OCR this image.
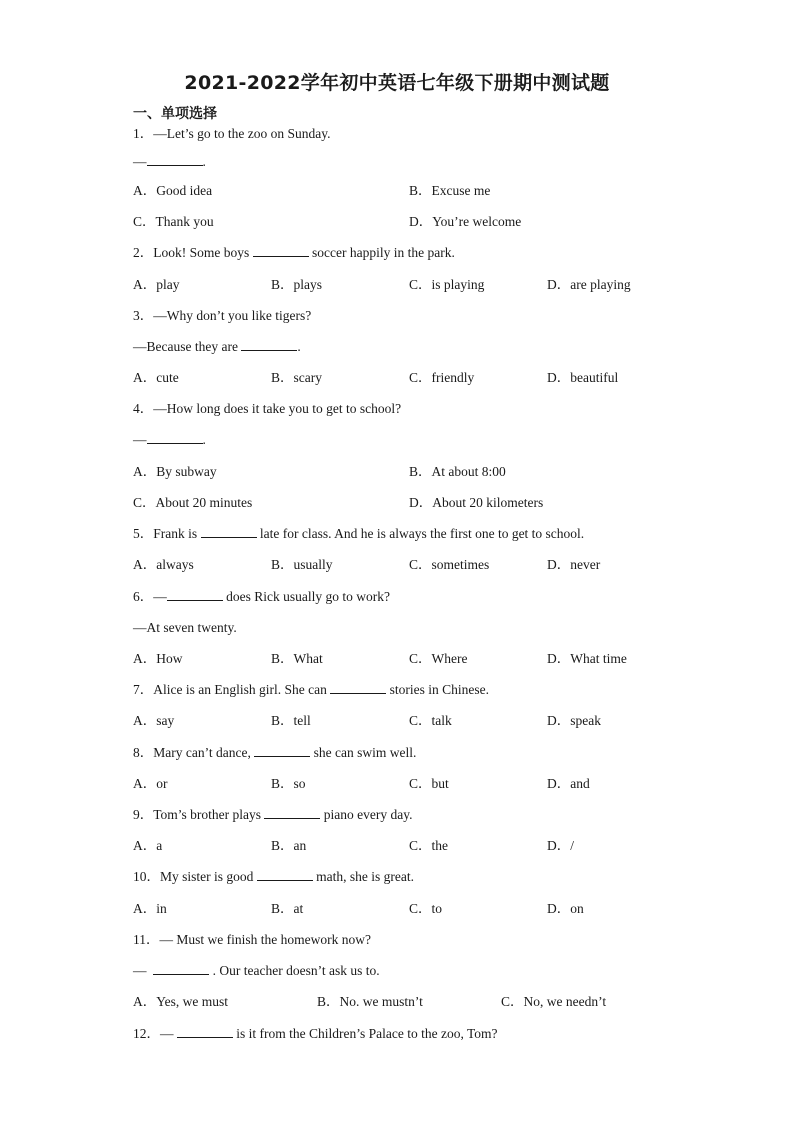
2021-2022学年初中英语七年级下册期中测试题
一、单项选择
1．—Let’s go to the zoo on Sunday.
—	.
A．Good idea	B．Excuse me
C．Thank you	D．You’re welcome
2．Look! Some boys	soccer happily in the park.
A．play	B．plays	C．is playing	D．are playing
3．—Why don’t you like tigers?
—Because they are	.
A．cute	B．scary	C．friendly	D．beautiful
4．—How long does it take you to get to school?
—	.
A．By subway	B．At about 8:00
C．About 20 minutes	D．About 20 kilometers
5．Frank is	late for class. And he is always the first one to get to school.
A．always	B．usually	C．sometimes	D．never
6．—	does Rick usually go to work?
—At seven twenty.
A．How	B．What	C．Where	D．What time
7．Alice is an English girl. She can	stories in Chinese.
A．say	B．tell	C．talk	D．speak
8．Mary can’t dance,	she can swim well.
A．or	B．so	C．but	D．and
9．Tom’s brother plays	piano every day.
A．a	B．an	C．the	D．/
10．My sister is good	math, she is great.
A．in	B．at	C．to	D．on
11．— Must we finish the homework now?
—	. Our teacher doesn’t ask us to.
A．Yes, we must	B．No. we mustn’t	C．No, we needn’t
12．—	is it from the Children’s Palace to the zoo, Tom?
